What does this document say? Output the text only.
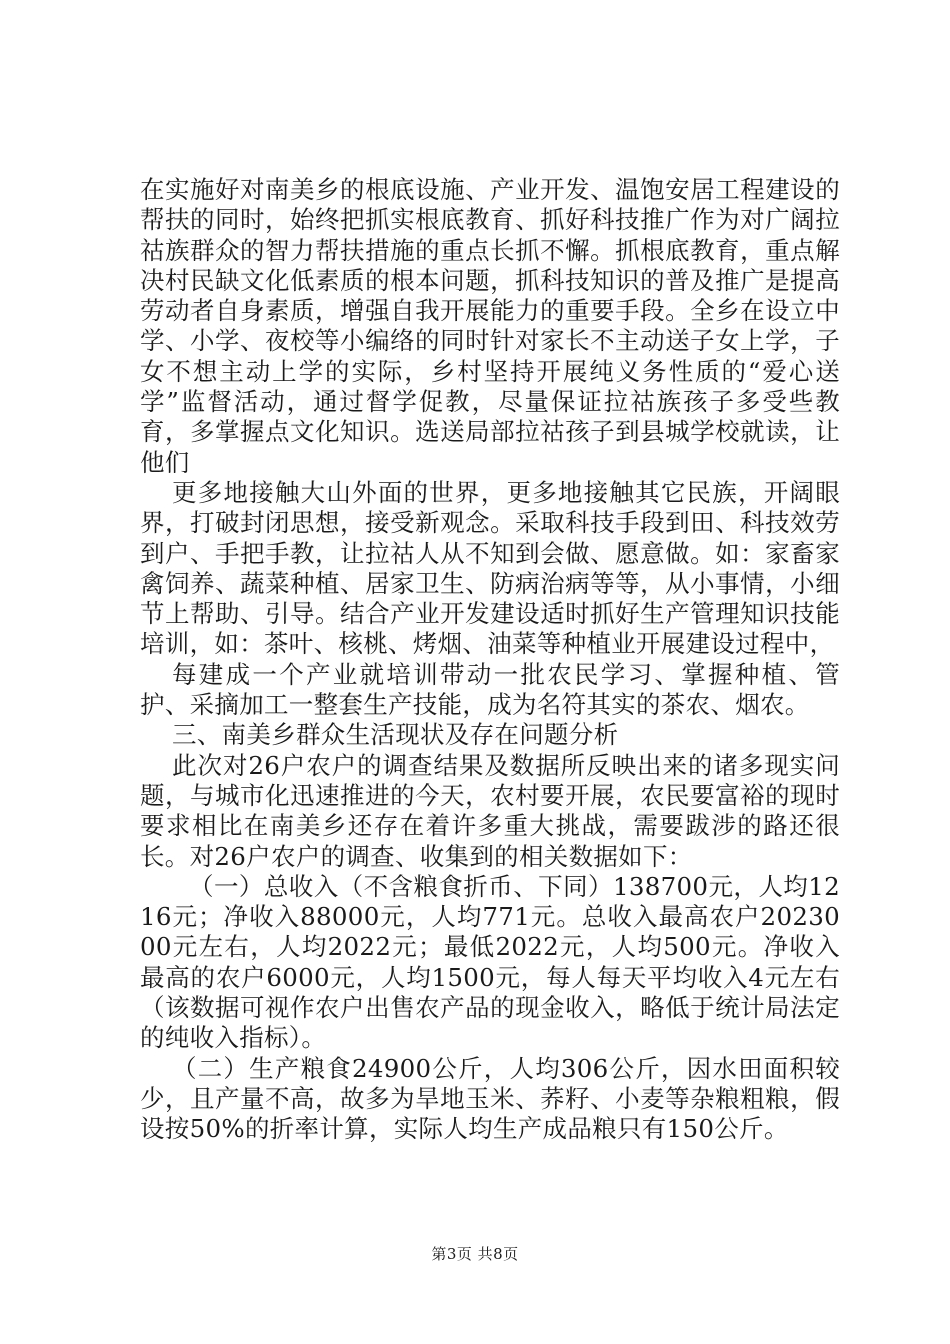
在实施好对南美乡的根底设施、产业开发、温饱安居工程建设的帮扶的同时，始终把抓实根底教育、抓好科技推广作为对广阔拉祜族群众的智力帮扶措施的重点长抓不懈。抓根底教育，重点解决村民缺文化低素质的根本问题，抓科技知识的普及推广是提高劳动者自身素质，增强自我开展能力的重要手段。全乡在设立中学、小学、夜校等小编络的同时针对家长不主动送子女上学，子女不想主动上学的实际，乡村坚持开展纯义务性质的“爱心送学”监督活动，通过督学促教，尽量保证拉祜族孩子多受些教育，多掌握点文化知识。选送局部拉祜孩子到县城学校就读，让他们

更多地接触大山外面的世界，更多地接触其它民族，开阔眼界，打破封闭思想，接受新观念。采取科技手段到田、科技效劳到户、手把手教，让拉祜人从不知到会做、愿意做。如：家畜家禽饲养、蔬菜种植、居家卫生、防病治病等等，从小事情，小细节上帮助、引导。结合产业开发建设适时抓好生产管理知识技能培训，如：茶叶、核桃、烤烟、油菜等种植业开展建设过程中，

每建成一个产业就培训带动一批农民学习、掌握种植、管护、采摘加工一整套生产技能，成为名符其实的茶农、烟农。

三、南美乡群众生活现状及存在问题分析

此次对26户农户的调查结果及数据所反映出来的诸多现实问题，与城市化迅速推进的今天，农村要开展，农民要富裕的现时要求相比在南美乡还存在着许多重大挑战，需要跋涉的路还很长。对26户农户的调查、收集到的相关数据如下：

（一）总收入（不含粮食折币、下同）138700元，人均1216元；净收入88000元，人均771元。总收入最高农户2023000元左右，人均2022元；最低2022元，人均500元。净收入最高的农户6000元，人均1500元，每人每天平均收入4元左右（该数据可视作农户出售农产品的现金收入，略低于统计局法定的纯收入指标）。

（二）生产粮食24900公斤，人均306公斤，因水田面积较少，且产量不高，故多为旱地玉米、荞籽、小麦等杂粮粗粮，假设按50%的折率计算，实际人均生产成品粮只有150公斤。

第3页 共8页
